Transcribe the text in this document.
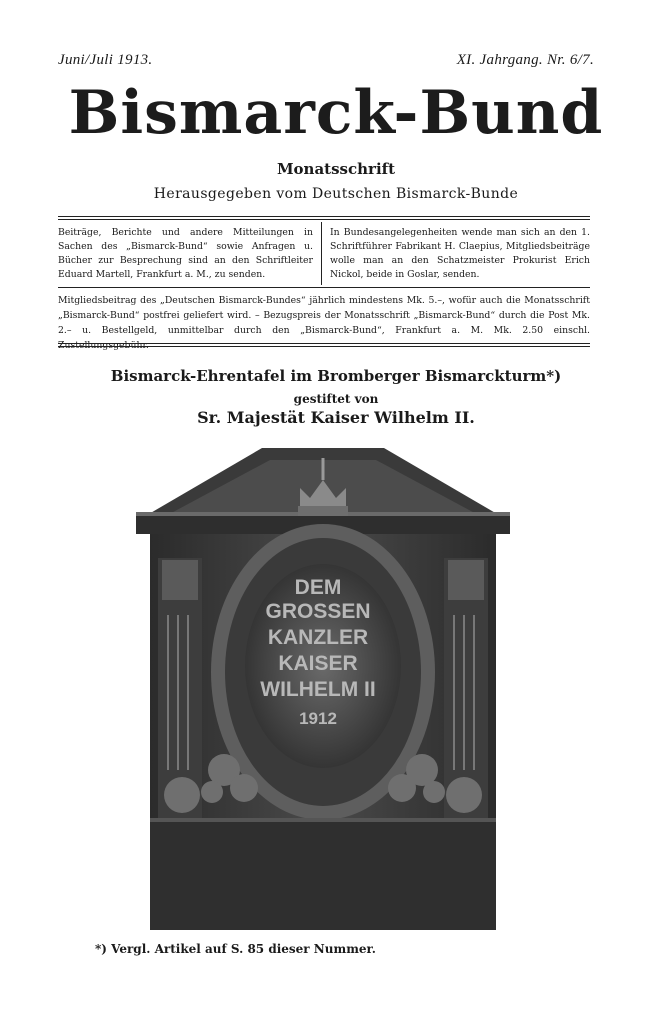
Juni/Juli 1913.	XI. Jahrgang. Nr. 6/7.
Bismarck-Bund
Monatsschrift
Herausgegeben vom Deutschen Bismarck-Bunde
Beiträge, Berichte und andere Mitteilungen in Sachen des „Bismarck-Bund“ sowie Anfragen u. Bücher zur Besprechung sind an den Schriftleiter Eduard Martell, Frankfurt a. M., zu senden.
In Bundesangelegenheiten wende man sich an den 1. Schriftführer Fabrikant H. Claepius, Mitgliedsbeiträge wolle man an den Schatzmeister Prokurist Erich Nickol, beide in Goslar, senden.
Mitgliedsbeitrag des „Deutschen Bismarck-Bundes“ jährlich mindestens Mk. 5.–, wofür auch die Monatsschrift „Bismarck-Bund“ postfrei geliefert wird. – Bezugspreis der Monatsschrift „Bismarck-Bund“ durch die Post Mk. 2.– u. Bestellgeld, unmittelbar durch den „Bismarck-Bund“, Frankfurt a. M. Mk. 2.50 einschl.
Bismarck-Ehrentafel im Bromberger Bismarckturm*)
gestiftet von
Sr. Majestät Kaiser Wilhelm II.
DEM
GROSSEN
KANZLER
KAISER
WILHELM II
1912
*) Vergl. Artikel auf S. 85 dieser Nummer.
